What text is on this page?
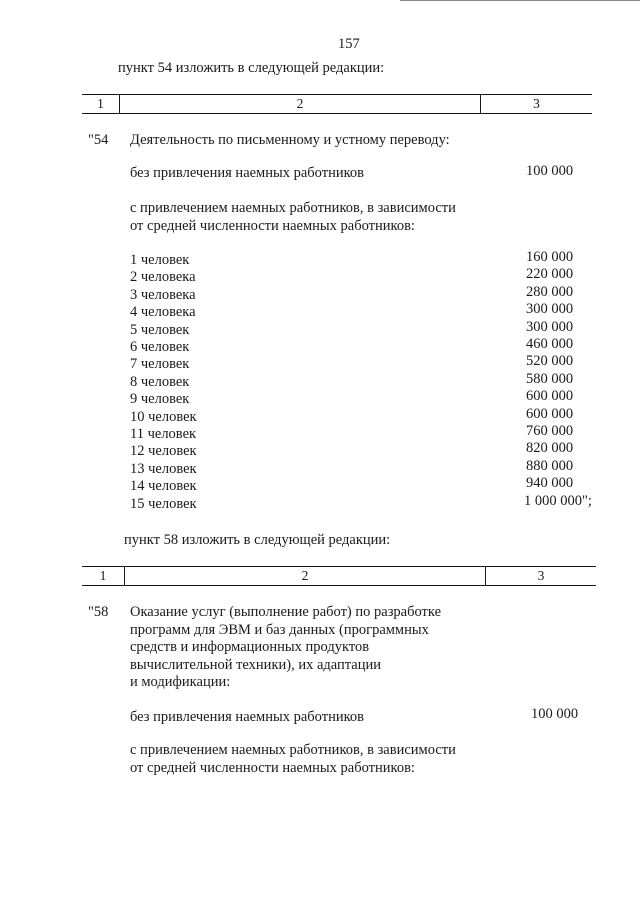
157
пункт 54 изложить в следующей редакции:
1	2	3
"54 Деятельность по письменному и устному переводу:
без привлечения наемных работников	100 000
с привлечением наемных работников, в зависимости
от средней численности наемных работников:
1 человек	160 000
2 человека	220 000
3 человека	280 000
4 человека	300 000
5 человек	300 000
6 человек	460 000
7 человек	520 000
8 человек	580 000
9 человек	600 000
10 человек	600 000
11 человек	760 000
12 человек	820 000
13 человек	880 000
14 человек	940 000
15 человек	1 000 000";
пункт 58 изложить в следующей редакции:
1	2	3
"58 Оказание услуг (выполнение работ) по разработке
программ для ЭВМ и баз данных (программных
средств и информационных продуктов
вычислительной техники), их адаптации
и модификации:
без привлечения наемных работников	100 000
с привлечением наемных работников, в зависимости
от средней численности наемных работников:
